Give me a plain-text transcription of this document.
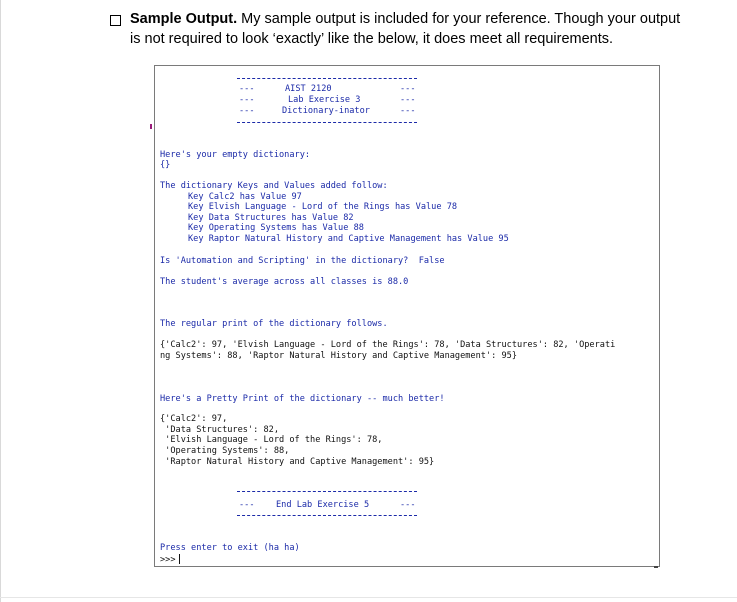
Sample Output. My sample output is included for your reference. Though your output
is not required to look ‘exactly’ like the below, it does meet all requirements.
---	---
AIST 2120
---	---
Lab Exercise 3
---	---
Dictionary-inator
Here's your empty dictionary:
{}
The dictionary Keys and Values added follow:
Key Calc2 has Value 97
Key Elvish Language - Lord of the Rings has Value 78
Key Data Structures has Value 82
Key Operating Systems has Value 88
Key Raptor Natural History and Captive Management has Value 95
Is 'Automation and Scripting' in the dictionary?  False
The student's average across all classes is 88.0
The regular print of the dictionary follows.
{'Calc2': 97, 'Elvish Language - Lord of the Rings': 78, 'Data Structures': 82, 'Operati
ng Systems': 88, 'Raptor Natural History and Captive Management': 95}
Here's a Pretty Print of the dictionary -- much better!
{'Calc2': 97,
'Data Structures': 82,
'Elvish Language - Lord of the Rings': 78,
'Operating Systems': 88,
'Raptor Natural History and Captive Management': 95}
--- End Lab Exercise 5	---
Press enter to exit (ha ha)
>>>
